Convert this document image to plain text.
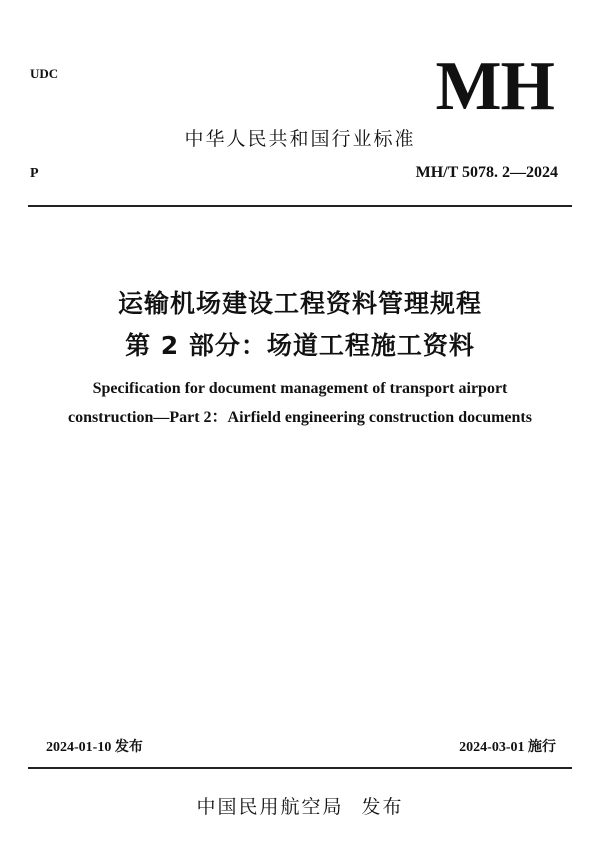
UDC	MH
中华人民共和国行业标准
P	MH/T 5078. 2—2024
运输机场建设工程资料管理规程
第 2 部分：场道工程施工资料
Specification for document management of transport airport
construction—Part 2：Airfield engineering construction documents
2024-01-10 发布	2024-03-01 施行
中国民用航空局 发布
